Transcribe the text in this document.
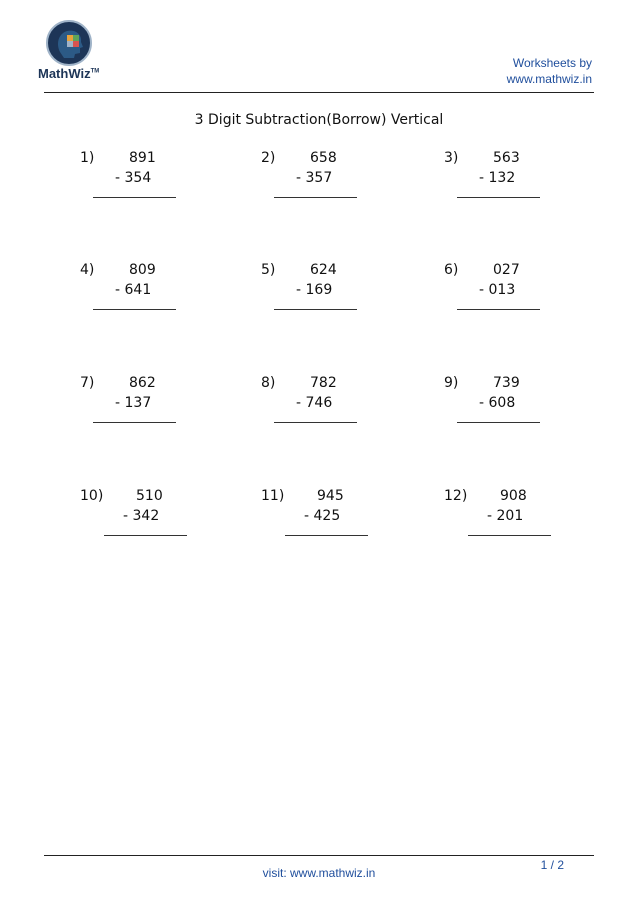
MathWiz™
Worksheets by
www.mathwiz.in
3 Digit Subtraction(Borrow) Vertical
1) 891
- 354
2) 658
- 357
3) 563
- 132
4) 809
- 641
5) 624
- 169
6) 027
- 013
7) 862
- 137
8) 782
- 746
9) 739
- 608
10) 510
- 342
11) 945
- 425
12) 908
- 201
visit: www.mathwiz.in
1 / 2
